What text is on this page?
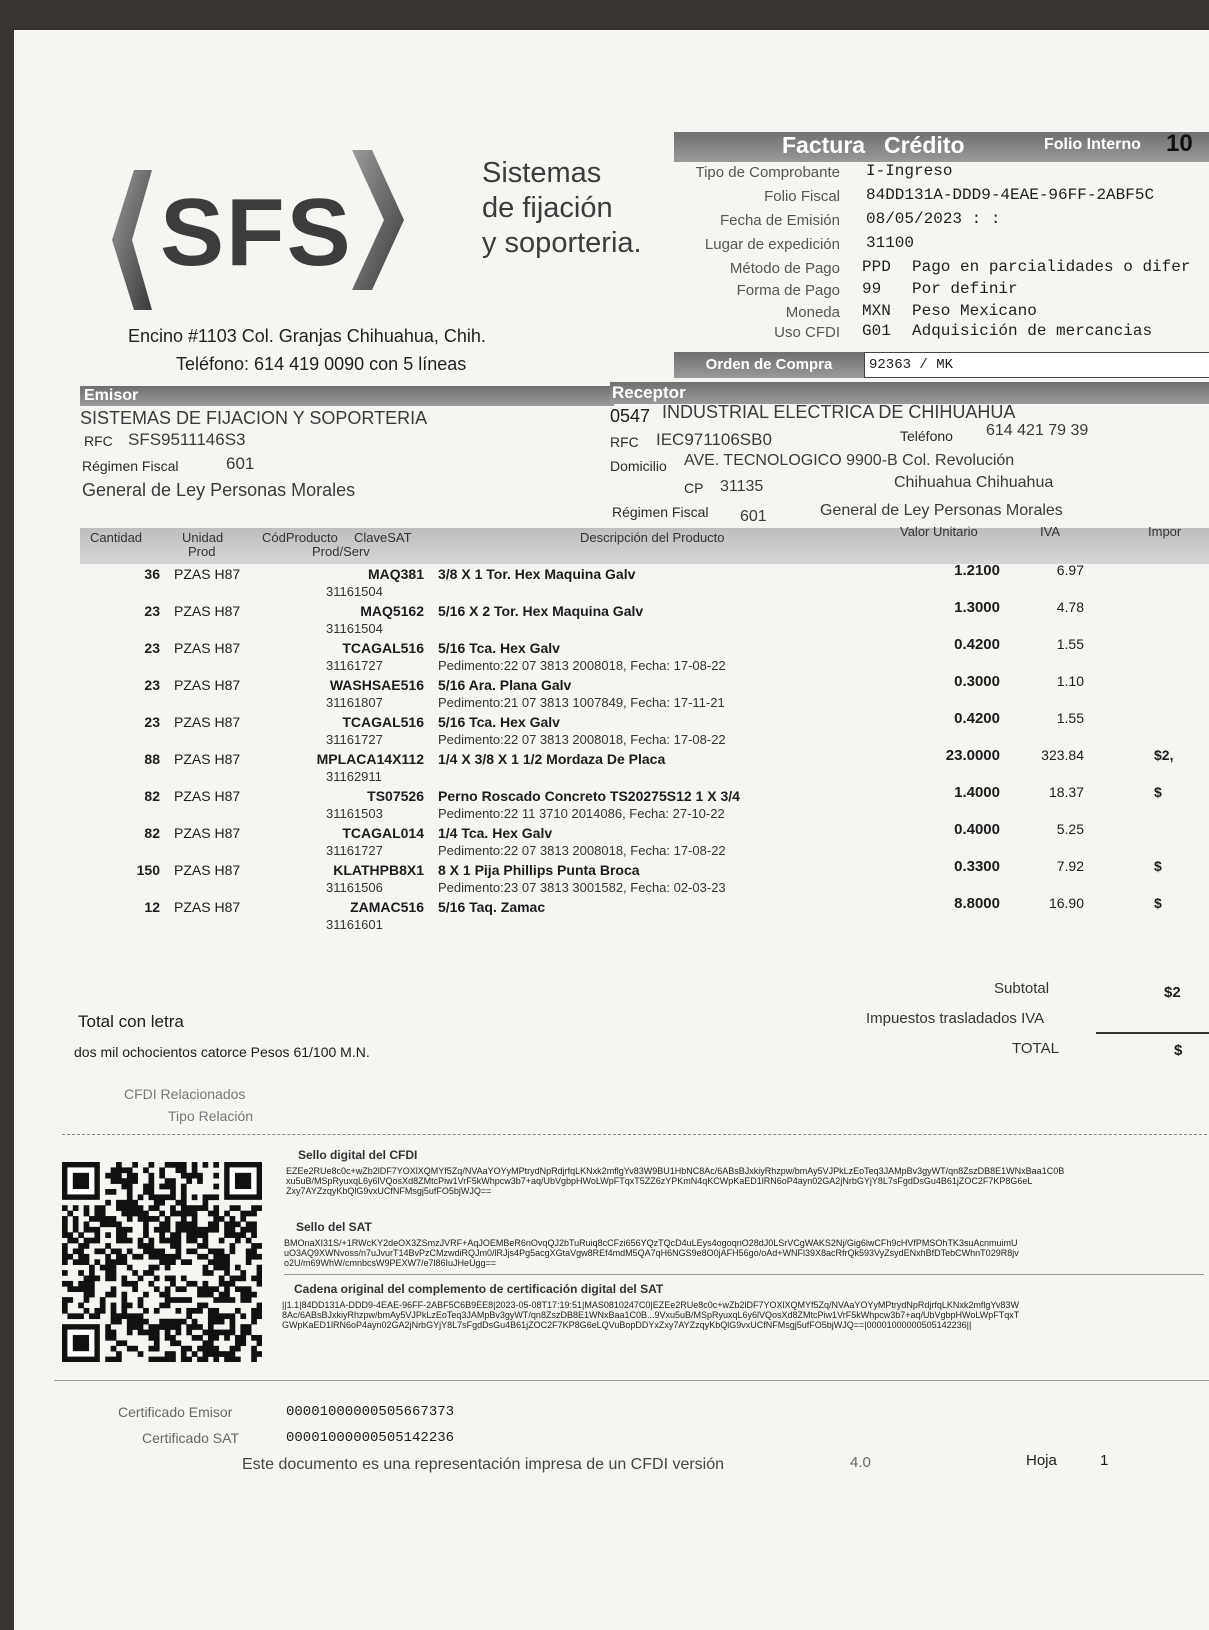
SFS
Sistemas
de fijación
y soporteria.
Encino #1103 Col. Granjas Chihuahua, Chih.
Teléfono: 614 419 0090 con 5 líneas
Factura Crédito	Folio Interno 10
Tipo de Comprobante I-Ingreso
Folio Fiscal 84DD131A-DDD9-4EAE-96FF-2ABF5C
Fecha de Emisión 08/05/2023 : :
Lugar de expedición 31100
Método de Pago PPD Pago en parcialidades o difer
Forma de Pago 99 Por definir
Moneda MXN Peso Mexicano
Uso CFDI G01 Adquisición de mercancias
Orden de Compra	92363 / MK
Emisor
SISTEMAS DE FIJACION Y SOPORTERIA
RFC SFS9511146S3
Régimen Fiscal	601
General de Ley Personas Morales
Receptor
0547 INDUSTRIAL ELECTRICA DE CHIHUAHUA
RFC IEC971106SB0	Teléfono 614 421 79 39
Domicilio AVE. TECNOLOGICO 9900-B Col. Revolución
CP 31135	Chihuahua Chihuahua
Régimen Fiscal 601	General de Ley Personas Morales
Cantidad	Unidad
Prod
CódProducto ClaveSAT
Prod/Serv
Descripción del Producto	Valor Unitario	IVA	Impor
36 PZAS H87	MAQ381 3/8 X 1 Tor. Hex Maquina Galv	1.2100	6.97
31161504
23 PZAS H87	MAQ5162 5/16 X 2 Tor. Hex Maquina Galv	1.3000	4.78
31161504
23 PZAS H87	TCAGAL516 5/16 Tca. Hex Galv	0.4200	1.55
31161727	Pedimento:22 07 3813 2008018, Fecha: 17-08-22
23 PZAS H87	WASHSAE516 5/16 Ara. Plana Galv	0.3000	1.10
31161807	Pedimento:21 07 3813 1007849, Fecha: 17-11-21
23 PZAS H87	TCAGAL516 5/16 Tca. Hex Galv	0.4200	1.55
31161727	Pedimento:22 07 3813 2008018, Fecha: 17-08-22
88 PZAS H87	MPLACA14X112 1/4 X 3/8 X 1 1/2 Mordaza De Placa	23.0000	323.84	$2,
31162911
82 PZAS H87	TS07526 Perno Roscado Concreto TS20275S12 1 X 3/4	1.4000	18.37	$
31161503	Pedimento:22 11 3710 2014086, Fecha: 27-10-22
82 PZAS H87	TCAGAL014 1/4 Tca. Hex Galv	0.4000	5.25
31161727	Pedimento:22 07 3813 2008018, Fecha: 17-08-22
150 PZAS H87	KLATHPB8X1 8 X 1 Pija Phillips Punta Broca	0.3300	7.92	$
31161506	Pedimento:23 07 3813 3001582, Fecha: 02-03-23
12 PZAS H87	ZAMAC516 5/16 Taq. Zamac	8.8000	16.90	$
31161601
Subtotal	$2
Impuestos trasladados IVA
TOTAL	$
Total con letra
dos mil ochocientos catorce Pesos 61/100 M.N.
CFDI Relacionados
Tipo Relación
Sello digital del CFDI
EZEe2RUe8c0c+wZb2lDF7YOXlXQMYf5Zq/NVAaYOYyMPtrydNpRdjrfqLKNxk2mflgYv83W9BU1HbNC8Ac/6ABsBJxkiyRhzpw/bmAy5VJPkLzEoTeq3JAMpBv3gyWT/qn8ZszDB8E1WNxBaa1C0B xu5uB/MSpRyuxqL6y6lVQosXd8ZMtcPiw1VrF5kWhpcw3b7+aq/UbVgbpHWoLWpFTqxT5ZZ6zYPKmN4qKCWpKaED1lRN6oP4ayn02GA2jNrbGYjY8L7sFgdDsGu4B61jZOC2F7KP8G6eL Zxy7AYZzqyKbQlG9vxUCfNFMsgj5ufFO5bjWJQ==
Sello del SAT
BMOnaXI31S/+1RWcKY2deOX3ZSmzJVRF+AqJOEMBeR6nOvqQJ2bTuRuiq8cCFzi656YQzTQcD4uLEys4ogoqnO28dJ0LSrVCgWAKS2Nj/Gig6lwCFh9cHVfPMSOhTK3suAcnmuimU uO3AQ9XWNvoss/n7uJvurT14BvPzCMzwdiRQJm0/lRJjs4Pg5acgXGtaVgw8REf4mdM5QA7qH6NGS9e8O0jAFH56go/oAd+WNFl39X8acRfrQk593VyZsydENxhBfDTebCWhnT029R8jv o2U/m69WhW/cmnbcsW9PEXW7/e7l86IuJHeUgg==
Cadena original del complemento de certificación digital del SAT
||1.1|84DD131A-DDD9-4EAE-96FF-2ABF5C6B9EE8|2023-05-08T17:19:51|MAS0810247C0|EZEe2RUe8c0c+wZb2lDF7YOXlXQMYf5Zq/NVAaYOYyMPtrydNpRdjrfqLKNxk2mflgYv83W 8Ac/6ABsBJxkiyRhzpw/bmAy5VJPkLzEoTeq3JAMpBv3gyWT/qn8ZszDB8E1WNxBaa1C0B...9Vxu5uB/MSpRyuxqL6y6lVQosXd8ZMtcPiw1VrF5kWhpcw3b7+aq/UbVgbpHWoLWpFTqxT GWpKaED1lRN6oP4ayn02GA2jNrbGYjY8L7sFgdDsGu4B61jZOC2F7KP8G6eLQVuBopDDYxZxy7AYZzqyKbQlG9vxUCfNFMsgj5ufFO5bjWJQ==|00001000000505142236||
Certificado Emisor	00001000000505667373
Certificado SAT	00001000000505142236
Este documento es una representación impresa de un CFDI versión	4.0	Hoja	1
